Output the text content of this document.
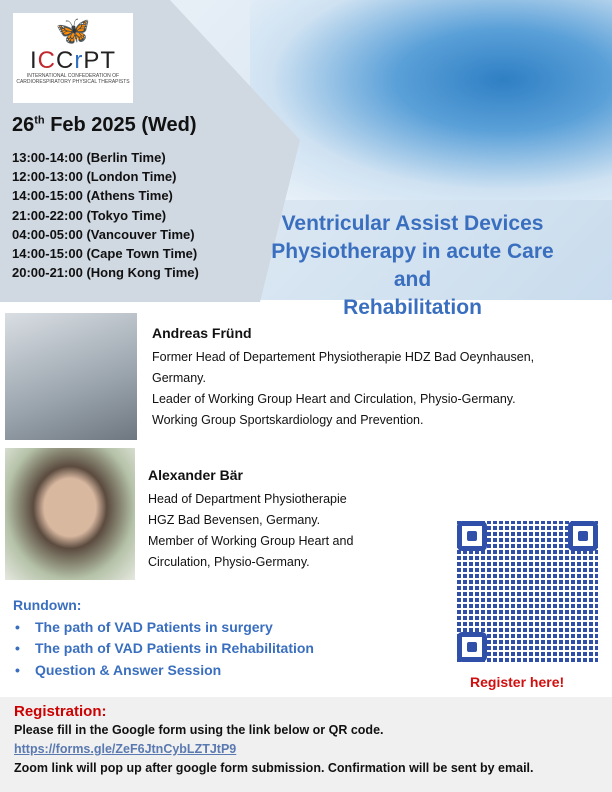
🦋
ICCrPT
INTERNATIONAL CONFEDERATION OF CARDIORESPIRATORY PHYSICAL THERAPISTS
26th Feb 2025 (Wed)
13:00-14:00 (Berlin Time)
12:00-13:00 (London Time)
14:00-15:00 (Athens Time)
21:00-22:00 (Tokyo Time)
04:00-05:00 (Vancouver Time)
14:00-15:00 (Cape Town Time)
20:00-21:00 (Hong Kong Time)
Ventricular Assist Devices
Physiotherapy in acute Care and
Rehabilitation
Andreas Fründ
Former Head of Departement Physiotherapie HDZ Bad Oeynhausen,
Germany.
Leader of Working Group Heart and Circulation, Physio-Germany.
Working Group Sportskardiology and Prevention.
Alexander Bär
Head of Department Physiotherapie
HGZ Bad Bevensen, Germany.
Member of Working Group Heart and
Circulation, Physio-Germany.
Rundown:
• The path of VAD Patients in surgery
• The path of VAD Patients in Rehabilitation
• Question & Answer Session
Register here!
Registration:
Please fill in the Google form using the link below or QR code.
https://forms.gle/ZeF6JtnCybLZTJtP9
Zoom link will pop up after google form submission. Confirmation will be sent by email.
